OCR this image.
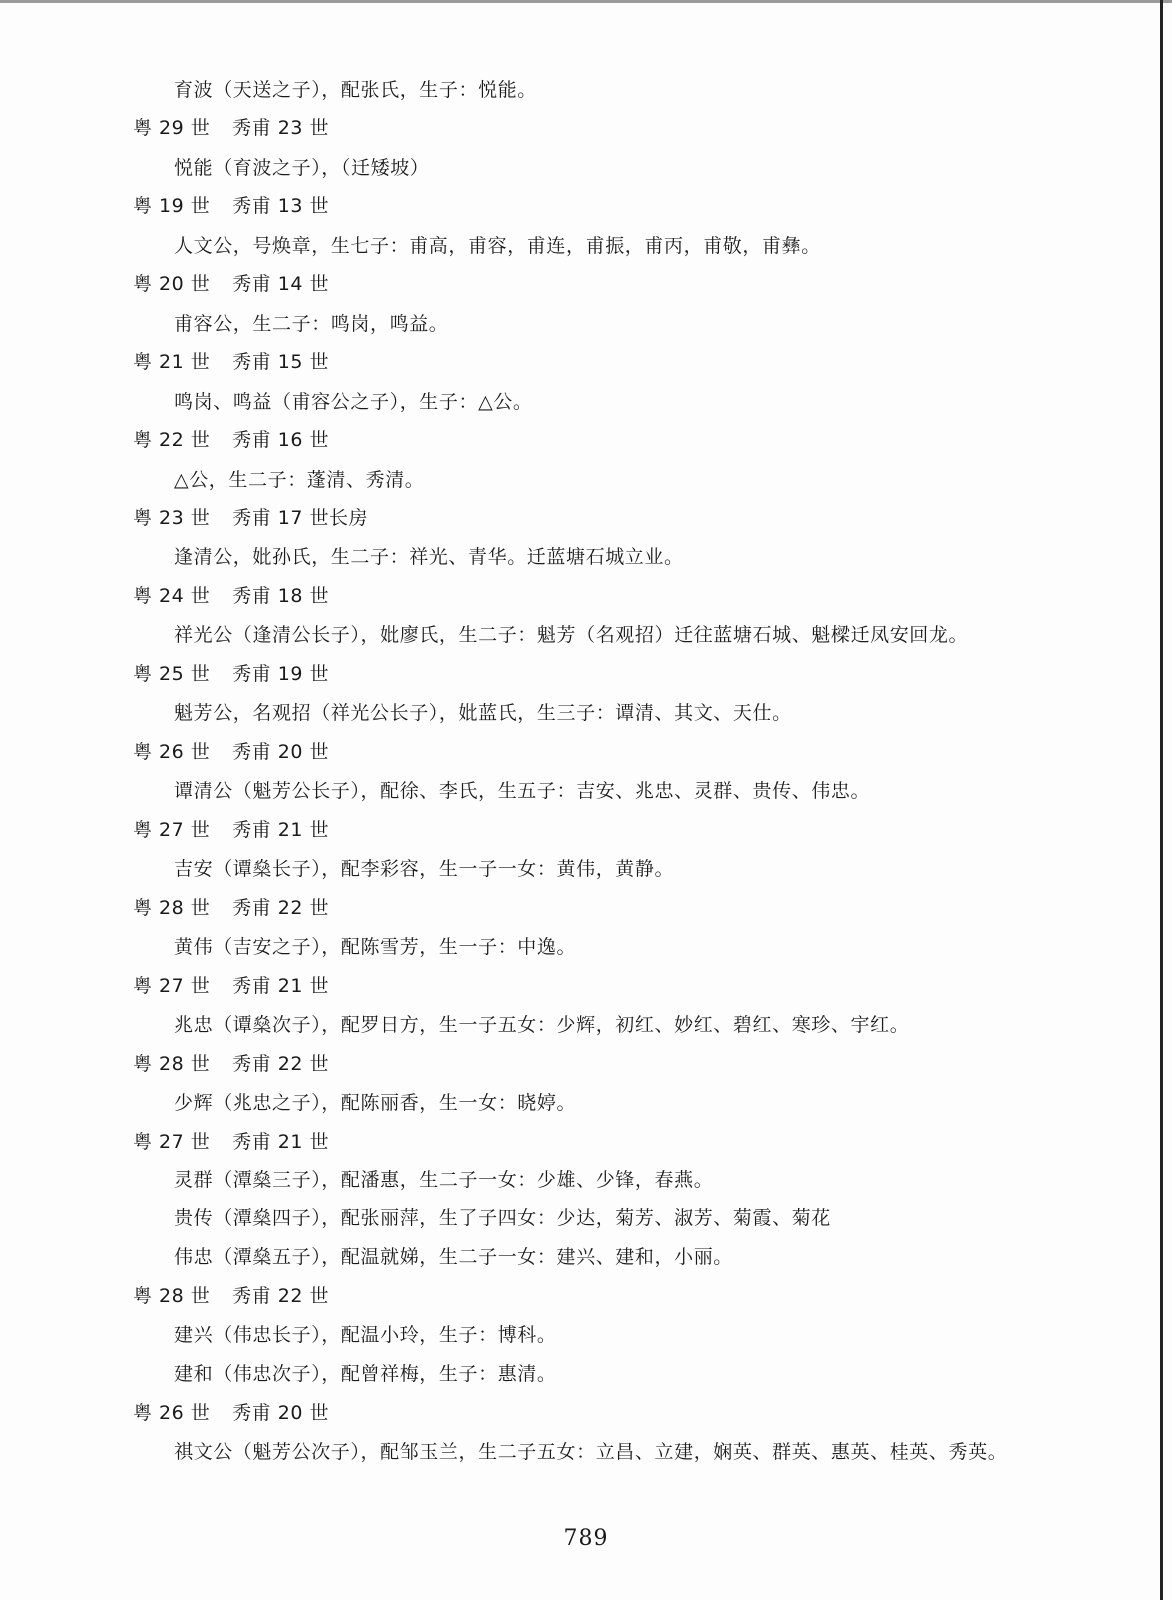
育波（天送之子），配张氏，生子：悦能。
粤 29 世 秀甫 23 世
悦能（育波之子），（迁矮坡）
粤 19 世 秀甫 13 世
人文公，号焕章，生七子：甫高，甫容，甫连，甫振，甫丙，甫敬，甫彝。
粤 20 世 秀甫 14 世
甫容公，生二子：鸣岗，鸣益。
粤 21 世 秀甫 15 世
鸣岗、鸣益（甫容公之子），生子：△公。
粤 22 世 秀甫 16 世
△公，生二子：蓬清、秀清。
粤 23 世 秀甫 17 世长房
逢清公，妣孙氏，生二子：祥光、青华。迁蓝塘石城立业。
粤 24 世 秀甫 18 世
祥光公（逢清公长子），妣廖氏，生二子：魁芳（名观招）迁往蓝塘石城、魁樑迁凤安回龙。
粤 25 世 秀甫 19 世
魁芳公，名观招（祥光公长子），妣蓝氏，生三子：谭清、其文、天仕。
粤 26 世 秀甫 20 世
谭清公（魁芳公长子），配徐、李氏，生五子：吉安、兆忠、灵群、贵传、伟忠。
粤 27 世 秀甫 21 世
吉安（谭燊长子），配李彩容，生一子一女：黄伟，黄静。
粤 28 世 秀甫 22 世
黄伟（吉安之子），配陈雪芳，生一子：中逸。
粤 27 世 秀甫 21 世
兆忠（谭燊次子），配罗日方，生一子五女：少辉，初红、妙红、碧红、寒珍、宇红。
粤 28 世 秀甫 22 世
少辉（兆忠之子），配陈丽香，生一女：晓婷。
粤 27 世 秀甫 21 世
灵群（潭燊三子），配潘惠，生二子一女：少雄、少锋，春燕。
贵传（潭燊四子），配张丽萍，生了子四女：少达，菊芳、淑芳、菊霞、菊花
伟忠（潭燊五子），配温就娣，生二子一女：建兴、建和，小丽。
粤 28 世 秀甫 22 世
建兴（伟忠长子），配温小玲，生子：博科。
建和（伟忠次子），配曾祥梅，生子：惠清。
粤 26 世 秀甫 20 世
祺文公（魁芳公次子），配邹玉兰，生二子五女：立昌、立建，娴英、群英、惠英、桂英、秀英。
789
